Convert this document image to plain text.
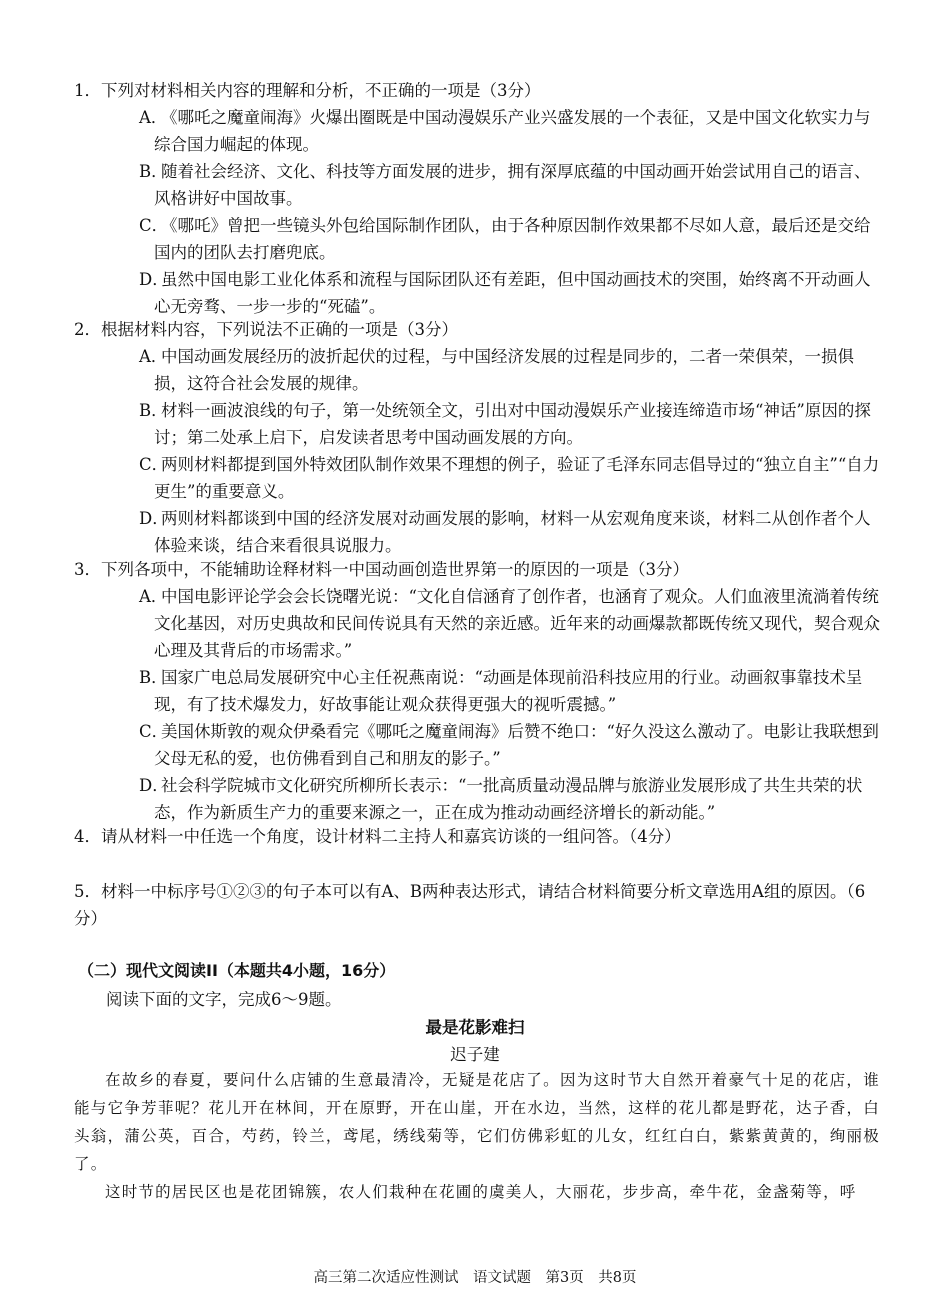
1．下列对材料相关内容的理解和分析，不正确的一项是（3分）
A．《哪吒之魔童闹海》火爆出圈既是中国动漫娱乐产业兴盛发展的一个表征，又是中国文化软实力与综合国力崛起的体现。
B．随着社会经济、文化、科技等方面发展的进步，拥有深厚底蕴的中国动画开始尝试用自己的语言、风格讲好中国故事。
C．《哪吒》曾把一些镜头外包给国际制作团队，由于各种原因制作效果都不尽如人意，最后还是交给国内的团队去打磨兜底。
D．虽然中国电影工业化体系和流程与国际团队还有差距，但中国动画技术的突围，始终离不开动画人心无旁骛、一步一步的“死磕”。
2．根据材料内容，下列说法不正确的一项是（3分）
A．中国动画发展经历的波折起伏的过程，与中国经济发展的过程是同步的，二者一荣俱荣，一损俱损，这符合社会发展的规律。
B．材料一画波浪线的句子，第一处统领全文，引出对中国动漫娱乐产业接连缔造市场“神话”原因的探讨；第二处承上启下，启发读者思考中国动画发展的方向。
C．两则材料都提到国外特效团队制作效果不理想的例子，验证了毛泽东同志倡导过的“独立自主”“自力更生”的重要意义。
D．两则材料都谈到中国的经济发展对动画发展的影响，材料一从宏观角度来谈，材料二从创作者个人体验来谈，结合来看很具说服力。
3．下列各项中，不能辅助诠释材料一中国动画创造世界第一的原因的一项是（3分）
A．中国电影评论学会会长饶曙光说：“文化自信涵育了创作者，也涵育了观众。人们血液里流淌着传统文化基因，对历史典故和民间传说具有天然的亲近感。近年来的动画爆款都既传统又现代，契合观众心理及其背后的市场需求。”
B．国家广电总局发展研究中心主任祝燕南说：“动画是体现前沿科技应用的行业。动画叙事靠技术呈现，有了技术爆发力，好故事能让观众获得更强大的视听震撼。”
C．美国休斯敦的观众伊桑看完《哪吒之魔童闹海》后赞不绝口：“好久没这么激动了。电影让我联想到父母无私的爱，也仿佛看到自己和朋友的影子。”
D．社会科学院城市文化研究所柳所长表示：“一批高质量动漫品牌与旅游业发展形成了共生共荣的状态，作为新质生产力的重要来源之一，正在成为推动动画经济增长的新动能。”
4．请从材料一中任选一个角度，设计材料二主持人和嘉宾访谈的一组问答。（4分）
5．材料一中标序号①②③的句子本可以有A、B两种表达形式，请结合材料简要分析文章选用A组的原因。（6分）
（二）现代文阅读II（本题共4小题，16分）
阅读下面的文字，完成6～9题。
最是花影难扫
迟子建

在故乡的春夏，要问什么店铺的生意最清冷，无疑是花店了。因为这时节大自然开着豪气十足的花店，谁能与它争芳菲呢？花儿开在林间，开在原野，开在山崖，开在水边，当然，这样的花儿都是野花，达子香，白头翁，蒲公英，百合，芍药，铃兰，鸢尾，绣线菊等，它们仿佛彩虹的儿女，红红白白，紫紫黄黄的，绚丽极了。

这时节的居民区也是花团锦簇，农人们栽种在花圃的虞美人，大丽花，步步高，牵牛花，金盏菊等，呼

高三第二次适应性测试　语文试题　第3页　共8页
